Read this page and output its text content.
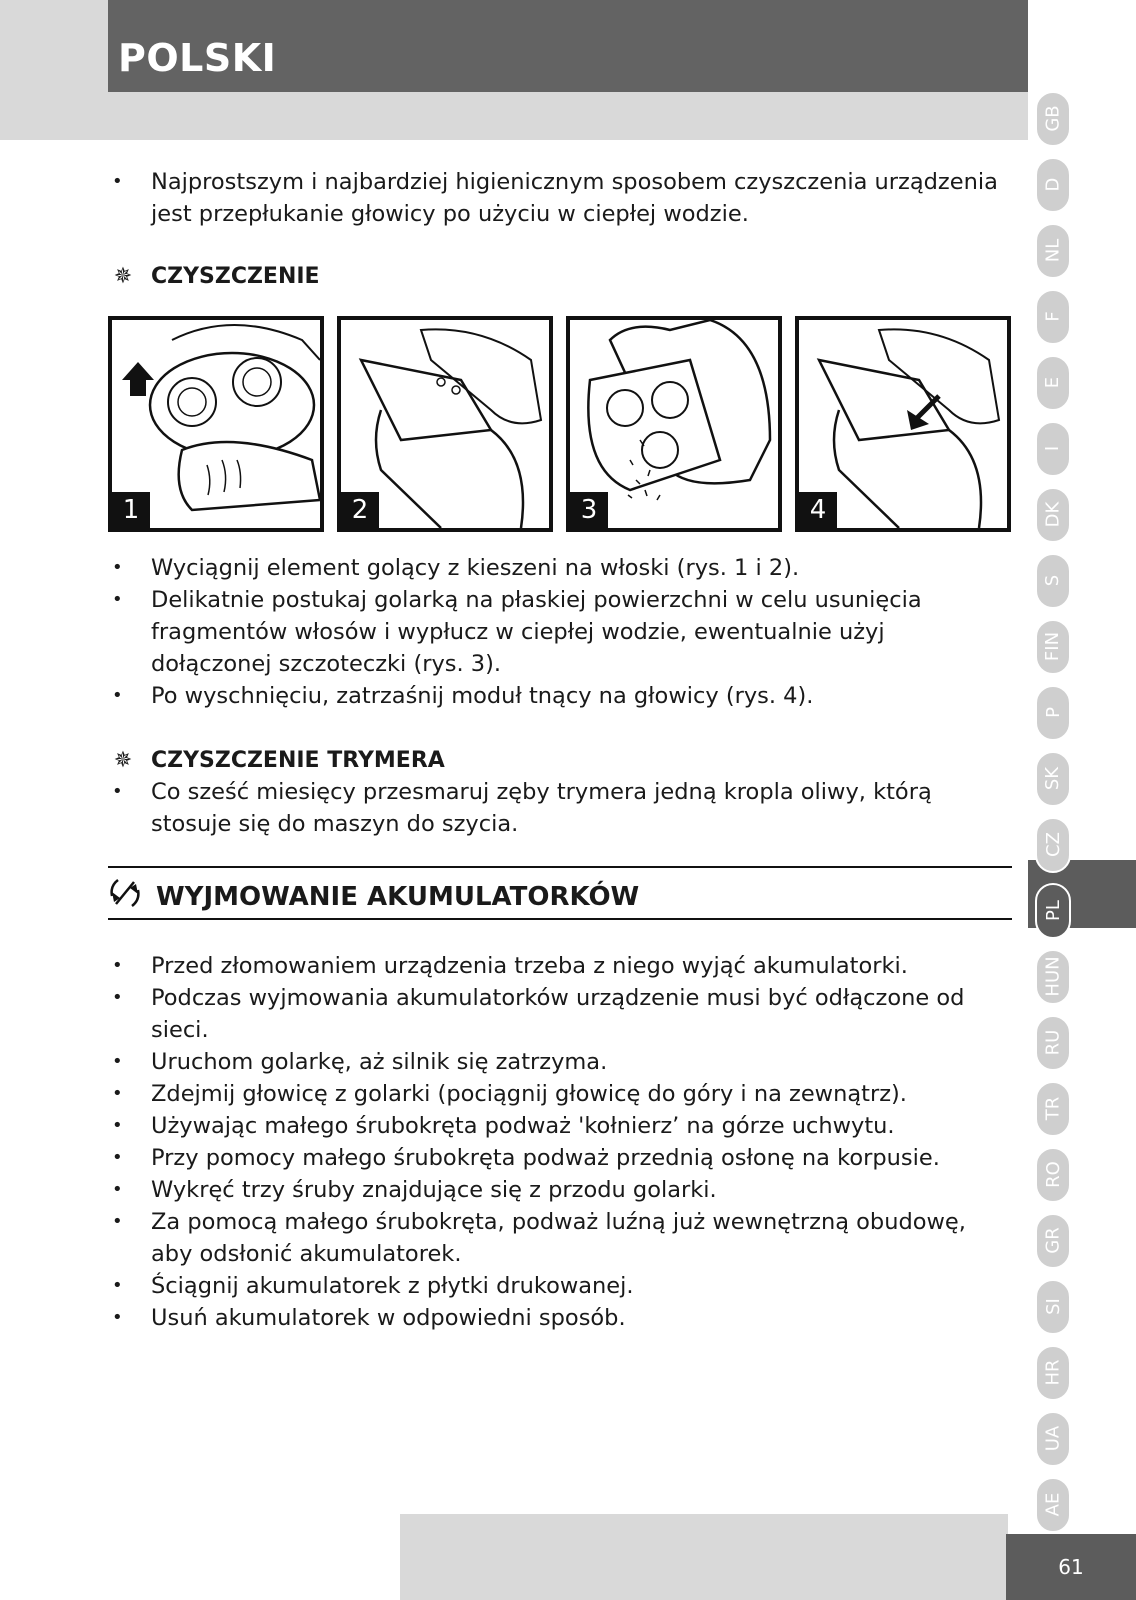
POLSKI
GB
D
NL
F
E
I
DK
S
FIN
P
SK
CZ
PL
HUN
RU
TR
RO
GR
SI
HR
UA
AE
• Najprostszym i najbardziej higienicznym sposobem czyszczenia urządzenia jest przepłukanie głowicy po użyciu w ciepłej wodzie.
✵ CZYSZCZENIE
1	2	3	4
• Wyciągnij element golący z kieszeni na włoski (rys. 1 i 2).
• Delikatnie postukaj golarką na płaskiej powierzchni w celu usunięcia fragmentów włosów i wypłucz w ciepłej wodzie, ewentualnie użyj dołączonej szczoteczki (rys. 3).
• Po wyschnięciu, zatrzaśnij moduł tnący na głowicy (rys. 4).
✵ CZYSZCZENIE TRYMERA
• Co sześć miesięcy przesmaruj zęby trymera jedną kropla oliwy, którą stosuje się do maszyn do szycia.
WYJMOWANIE AKUMULATORKÓW
• Przed złomowaniem urządzenia trzeba z niego wyjąć akumulatorki.
• Podczas wyjmowania akumulatorków urządzenie musi być odłączone od sieci.
• Uruchom golarkę, aż silnik się zatrzyma.
• Zdejmij głowicę z golarki (pociągnij głowicę do góry i na zewnątrz).
• Używając małego śrubokręta podważ 'kołnierz’ na górze uchwytu.
• Przy pomocy małego śrubokręta podważ przednią osłonę na korpusie.
• Wykręć trzy śruby znajdujące się z przodu golarki.
• Za pomocą małego śrubokręta, podważ luźną już wewnętrzną obudowę, aby odsłonić akumulatorek.
• Ściągnij akumulatorek z płytki drukowanej.
• Usuń akumulatorek w odpowiedni sposób.
61
